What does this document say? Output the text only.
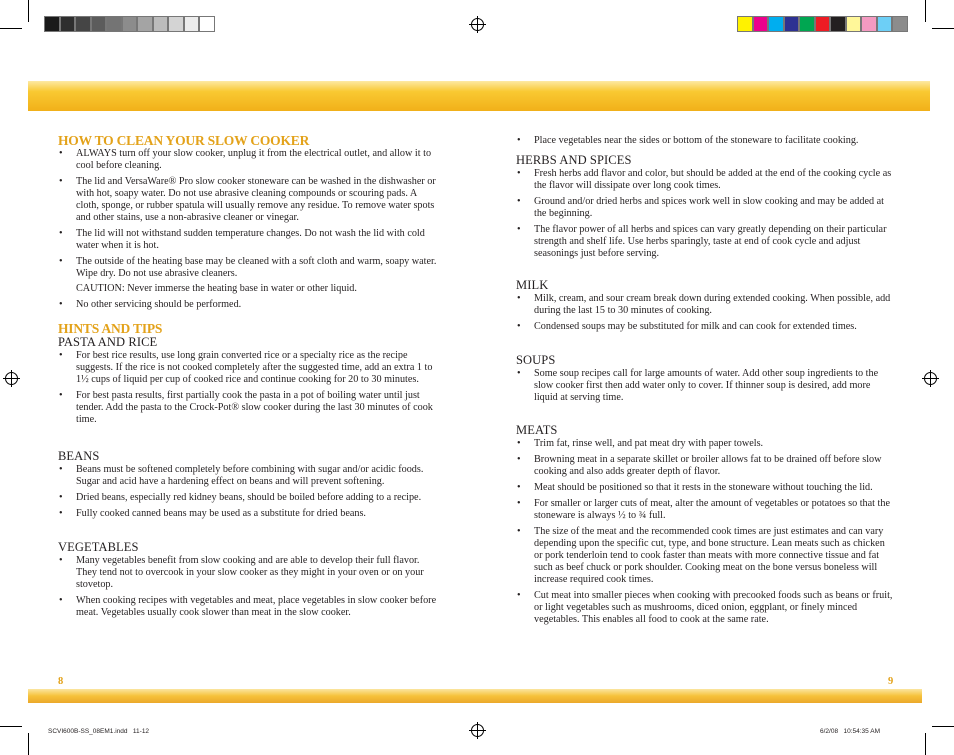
HOW TO CLEAN YOUR SLOW COOKER
• ALWAYS turn off your slow cooker, unplug it from the electrical outlet, and allow it to cool before cleaning.
• The lid and VersaWare® Pro slow cooker stoneware can be washed in the dishwasher or with hot, soapy water. Do not use abrasive cleaning compounds or scouring pads. A cloth, sponge, or rubber spatula will usually remove any residue. To remove water spots and other stains, use a non-abrasive cleaner or vinegar.
• The lid will not withstand sudden temperature changes. Do not wash the lid with cold water when it is hot.
• The outside of the heating base may be cleaned with a soft cloth and warm, soapy water. Wipe dry. Do not use abrasive cleaners.

CAUTION: Never immerse the heating base in water or other liquid.

• No other servicing should be performed.
HINTS AND TIPS
PASTA AND RICE
• For best rice results, use long grain converted rice or a specialty rice as the recipe suggests. If the rice is not cooked completely after the suggested time, add an extra 1 to 1½ cups of liquid per cup of cooked rice and continue cooking for 20 to 30 minutes.
• For best pasta results, first partially cook the pasta in a pot of boiling water until just tender. Add the pasta to the Crock-Pot® slow cooker during the last 30 minutes of cook time.
BEANS
• Beans must be softened completely before combining with sugar and/or acidic foods. Sugar and acid have a hardening effect on beans and will prevent softening.
• Dried beans, especially red kidney beans, should be boiled before adding to a recipe.
• Fully cooked canned beans may be used as a substitute for dried beans.
VEGETABLES
• Many vegetables benefit from slow cooking and are able to develop their full flavor. They tend not to overcook in your slow cooker as they might in your oven or on your stovetop.
• When cooking recipes with vegetables and meat, place vegetables in slow cooker before meat. Vegetables usually cook slower than meat in the slow cooker.
• Place vegetables near the sides or bottom of the stoneware to facilitate cooking.
HERBS AND SPICES
• Fresh herbs add flavor and color, but should be added at the end of the cooking cycle as the flavor will dissipate over long cook times.
• Ground and/or dried herbs and spices work well in slow cooking and may be added at the beginning.
• The flavor power of all herbs and spices can vary greatly depending on their particular strength and shelf life. Use herbs sparingly, taste at end of cook cycle and adjust seasonings just before serving.
MILK
• Milk, cream, and sour cream break down during extended cooking. When possible, add during the last 15 to 30 minutes of cooking.
• Condensed soups may be substituted for milk and can cook for extended times.
SOUPS
• Some soup recipes call for large amounts of water. Add other soup ingredients to the slow cooker first then add water only to cover. If thinner soup is desired, add more liquid at serving time.
MEATS
• Trim fat, rinse well, and pat meat dry with paper towels.
• Browning meat in a separate skillet or broiler allows fat to be drained off before slow cooking and also adds greater depth of flavor.
• Meat should be positioned so that it rests in the stoneware without touching the lid.
• For smaller or larger cuts of meat, alter the amount of vegetables or potatoes so that the stoneware is always ½ to ¾ full.
• The size of the meat and the recommended cook times are just estimates and can vary depending upon the specific cut, type, and bone structure. Lean meats such as chicken or pork tenderloin tend to cook faster than meats with more connective tissue and fat such as beef chuck or pork shoulder. Cooking meat on the bone versus boneless will increase required cook times.
• Cut meat into smaller pieces when cooking with precooked foods such as beans or fruit, or light vegetables such as mushrooms, diced onion, eggplant, or finely minced vegetables. This enables all food to cook at the same rate.
8	9
SCVI600B-SS_08EM1.indd   11-12	6/2/08   10:54:35 AM
